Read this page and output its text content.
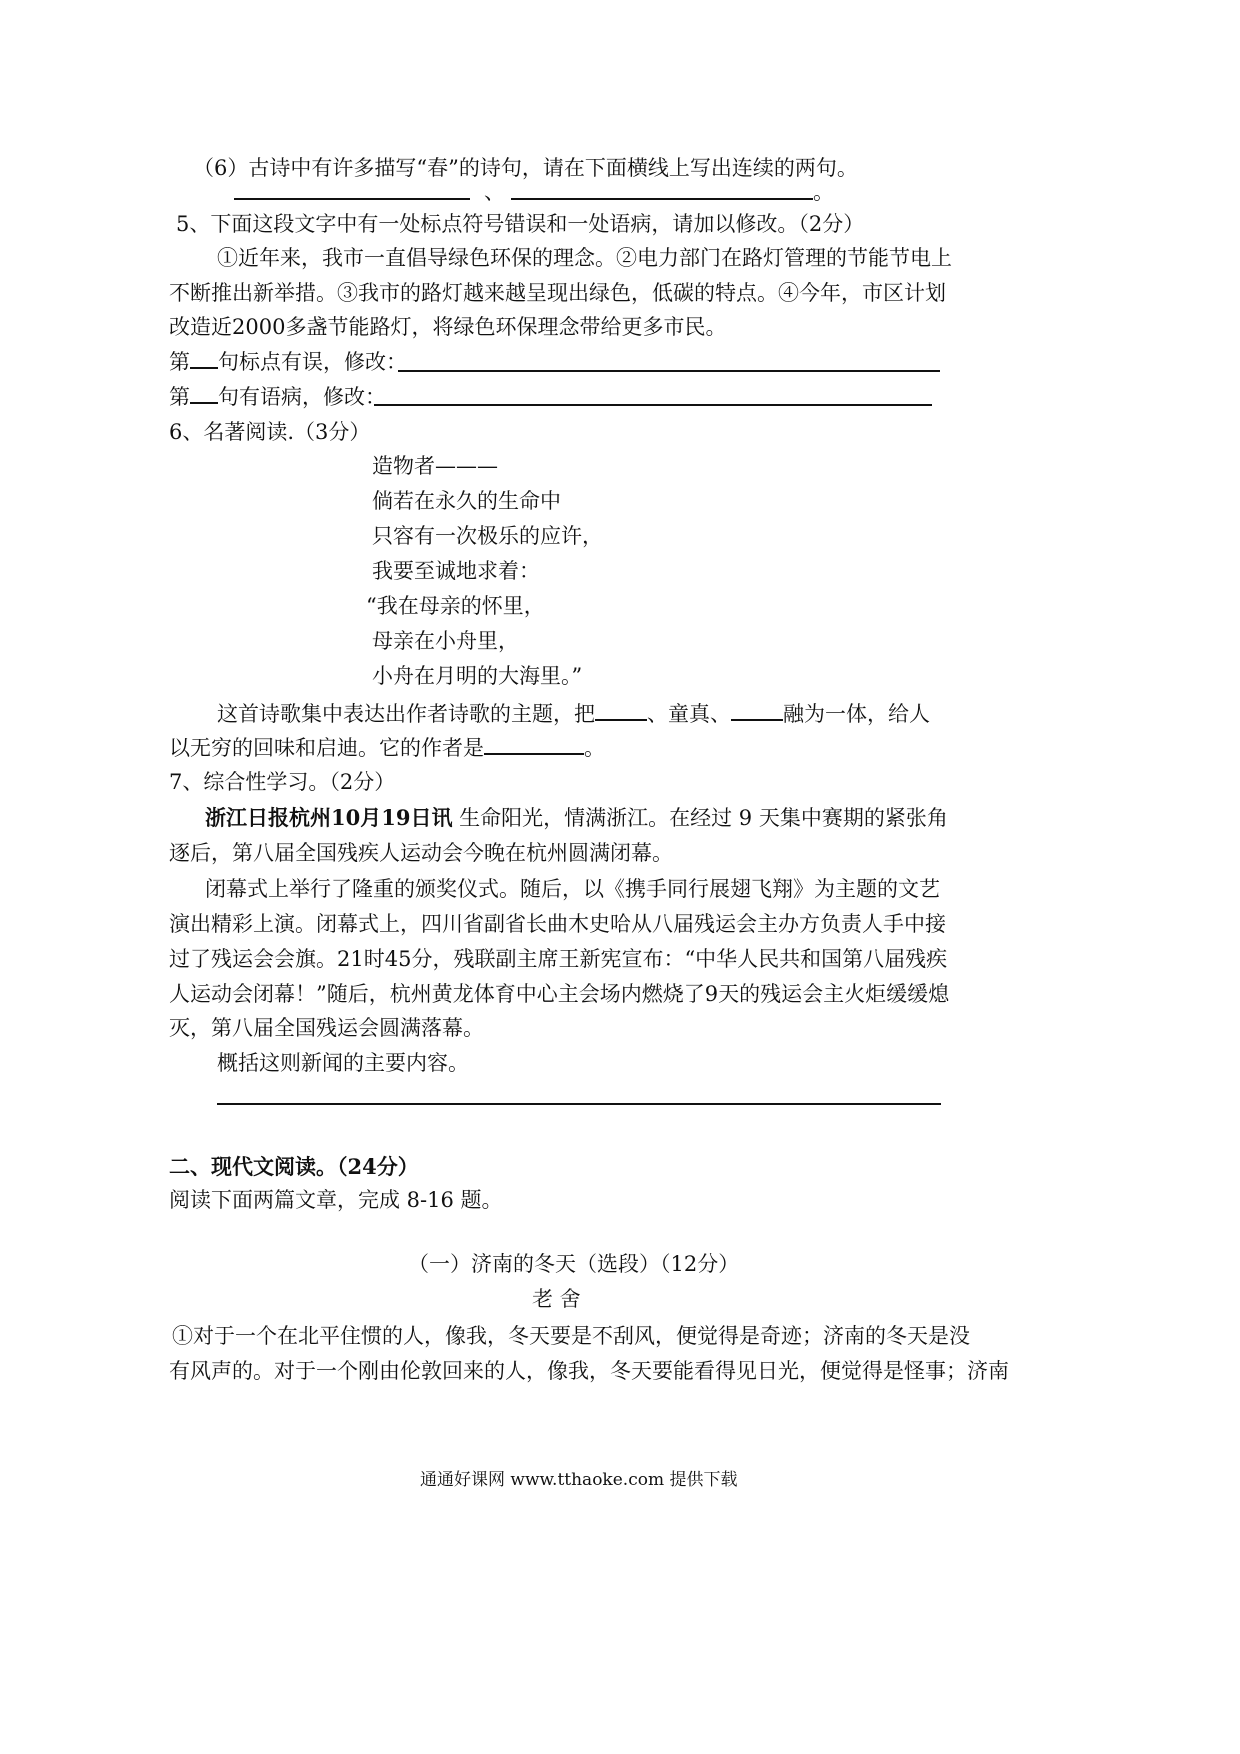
（6）古诗中有许多描写“春”的诗句，请在下面横线上写出连续的两句。
、	。
5、下面这段文字中有一处标点符号错误和一处语病，请加以修改。（2分）
①近年来，我市一直倡导绿色环保的理念。②电力部门在路灯管理的节能节电上
不断推出新举措。③我市的路灯越来越呈现出绿色，低碳的特点。④今年，市区计划
改造近2000多盏节能路灯，将绿色环保理念带给更多市民。
第 句标点有误，修改：
第 句有语病，修改：
6、名著阅读.（3分）
造物者———
倘若在永久的生命中
只容有一次极乐的应许，
我要至诚地求着：
“我在母亲的怀里，
母亲在小舟里，
小舟在月明的大海里。”
这首诗歌集中表达出作者诗歌的主题，把 、童真、 融为一体，给人
以无穷的回味和启迪。它的作者是	。
7、综合性学习。（2分）
浙江日报杭州10月19日讯 生命阳光，情满浙江。在经过 9 天集中赛期的紧张角
逐后，第八届全国残疾人运动会今晚在杭州圆满闭幕。
闭幕式上举行了隆重的颁奖仪式。随后，以《携手同行展翅飞翔》为主题的文艺
演出精彩上演。闭幕式上，四川省副省长曲木史哈从八届残运会主办方负责人手中接
过了残运会会旗。21时45分，残联副主席王新宪宣布：“中华人民共和国第八届残疾
人运动会闭幕！”随后，杭州黄龙体育中心主会场内燃烧了9天的残运会主火炬缓缓熄
灭，第八届全国残运会圆满落幕。
概括这则新闻的主要内容。
二、现代文阅读。（24分）
阅读下面两篇文章，完成 8-16 题。
（一）济南的冬天（选段）（12分）
老 舍
①对于一个在北平住惯的人，像我，冬天要是不刮风，便觉得是奇迹；济南的冬天是没
有风声的。对于一个刚由伦敦回来的人，像我，冬天要能看得见日光，便觉得是怪事；济南
通通好课网 www.tthaoke.com 提供下载
